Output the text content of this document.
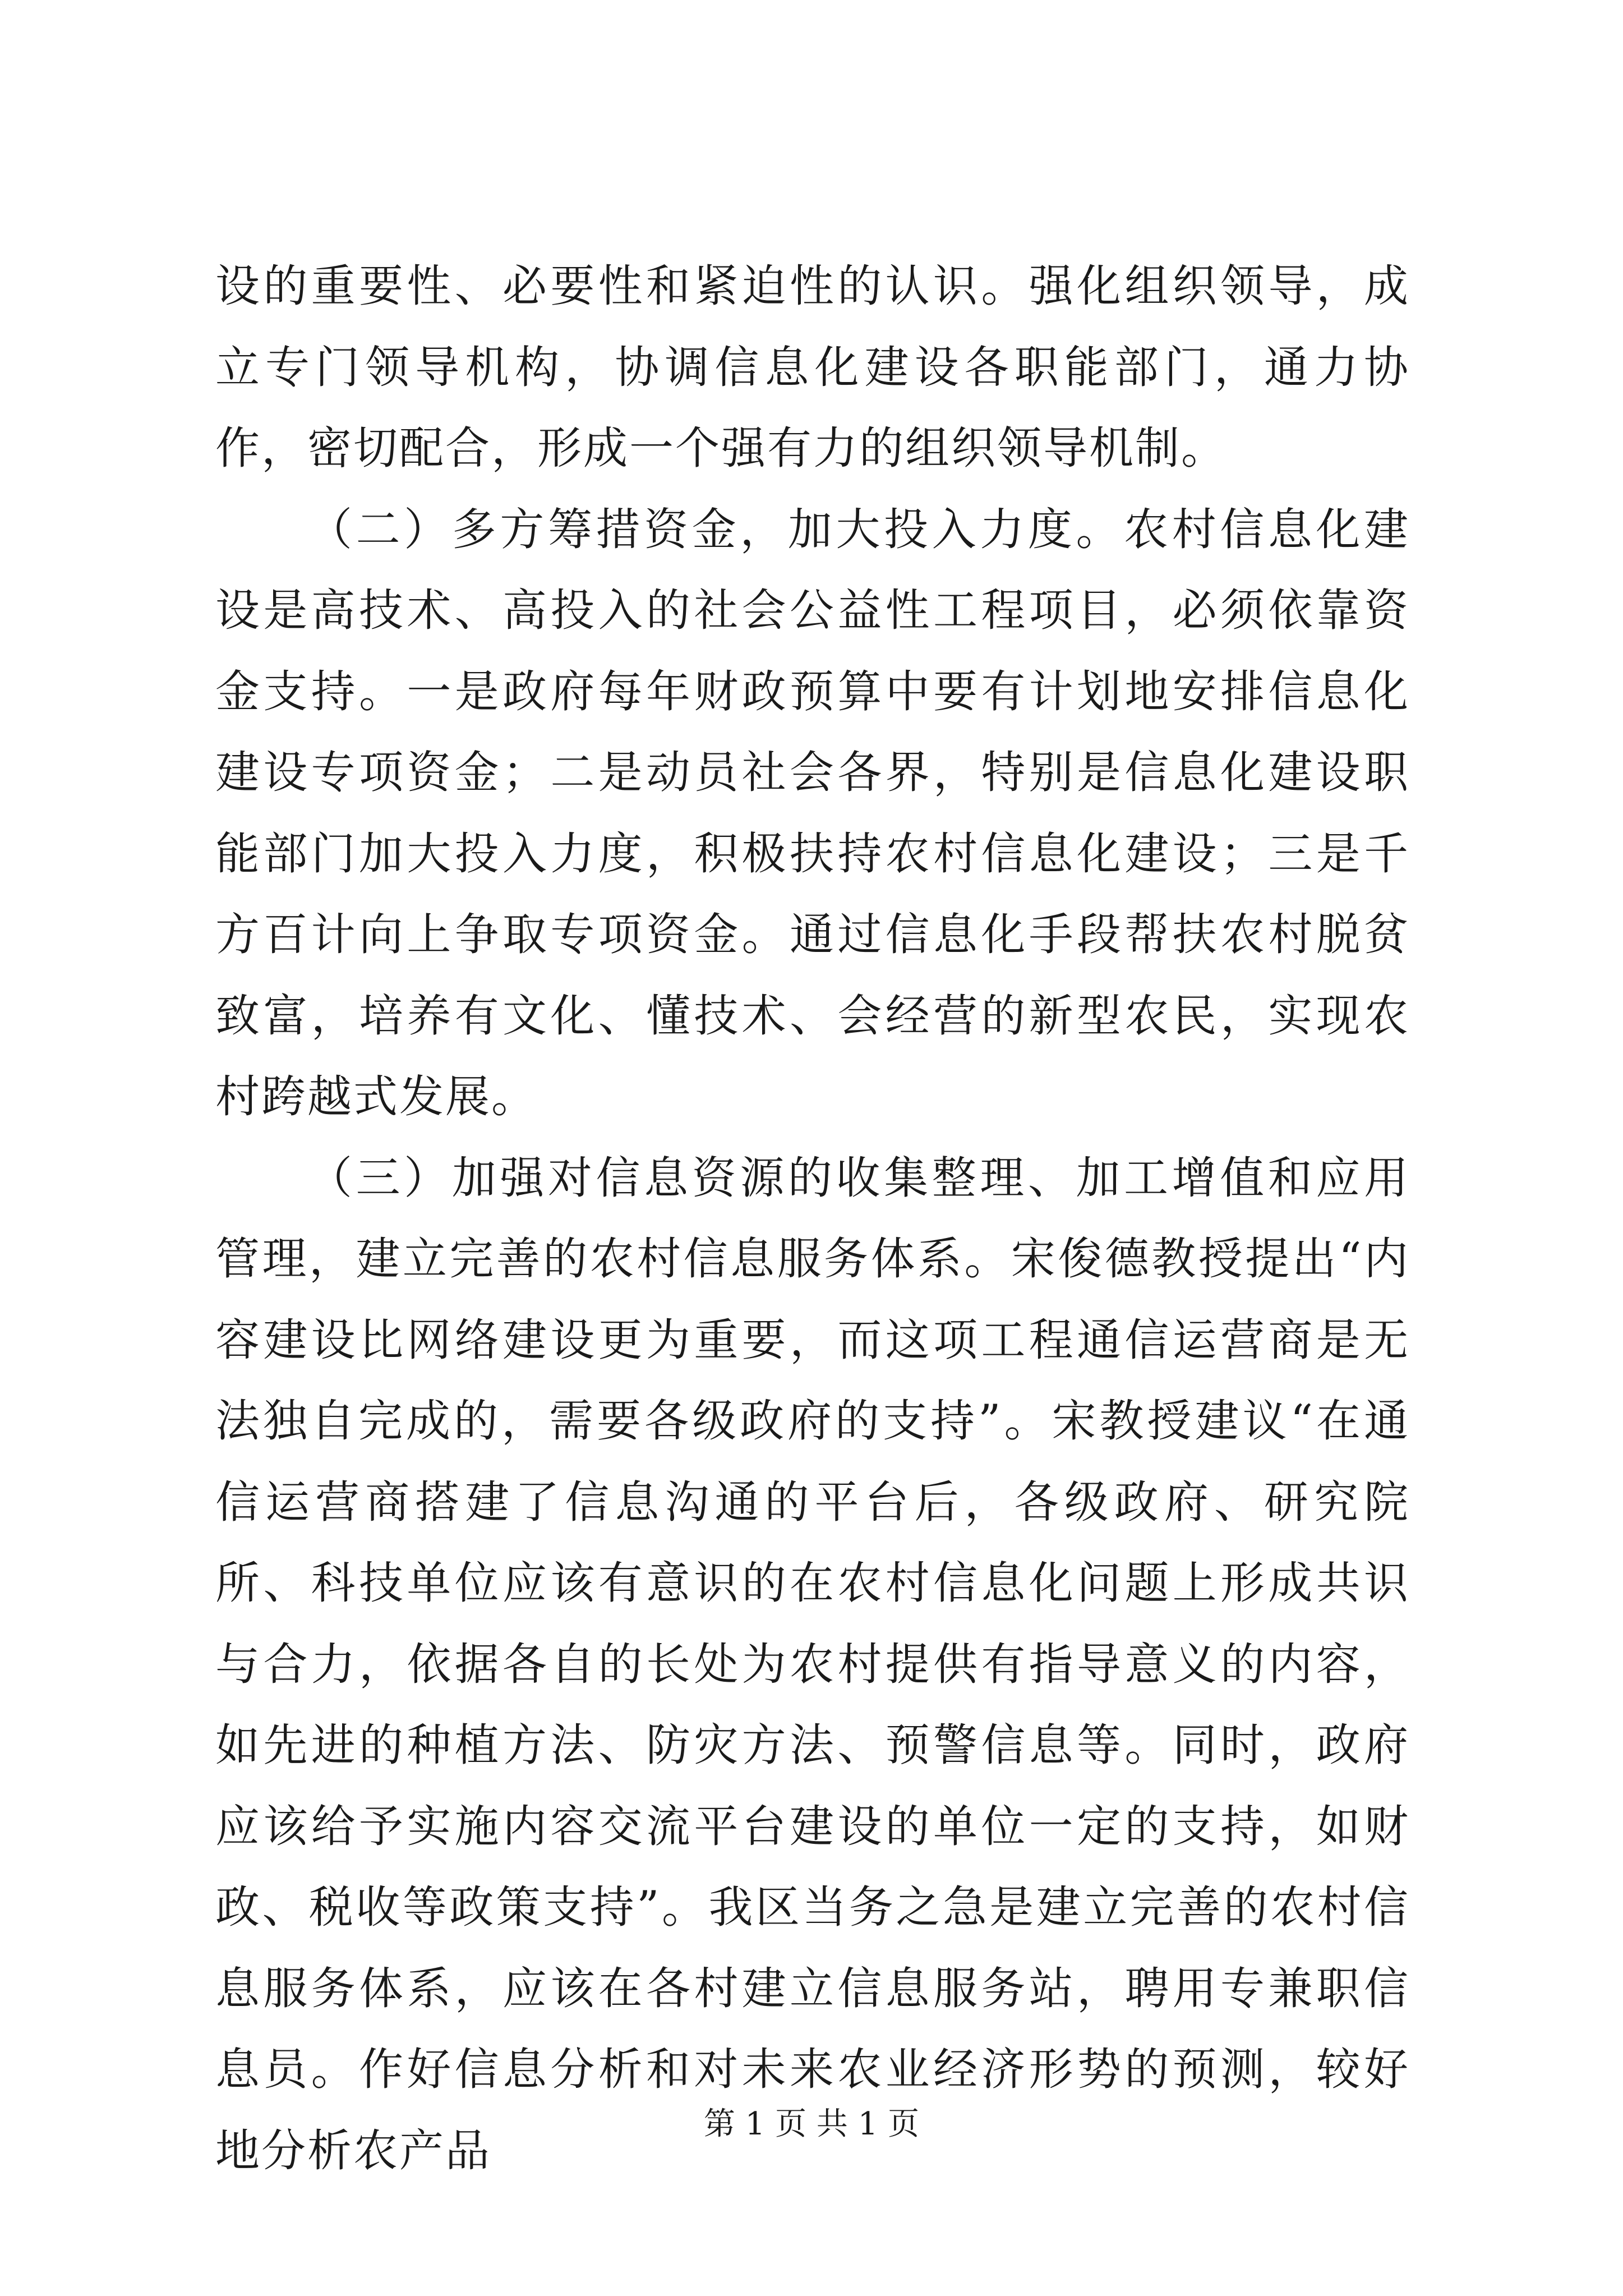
设的重要性、必要性和紧迫性的认识。强化组织领导，成立专门领导机构，协调信息化建设各职能部门，通力协作，密切配合，形成一个强有力的组织领导机制。

（二）多方筹措资金，加大投入力度。农村信息化建设是高技术、高投入的社会公益性工程项目，必须依靠资金支持。一是政府每年财政预算中要有计划地安排信息化建设专项资金；二是动员社会各界，特别是信息化建设职能部门加大投入力度，积极扶持农村信息化建设；三是千方百计向上争取专项资金。通过信息化手段帮扶农村脱贫致富，培养有文化、懂技术、会经营的新型农民，实现农村跨越式发展。

（三）加强对信息资源的收集整理、加工增值和应用管理，建立完善的农村信息服务体系。宋俊德教授提出“内容建设比网络建设更为重要，而这项工程通信运营商是无法独自完成的，需要各级政府的支持”。宋教授建议“在通信运营商搭建了信息沟通的平台后，各级政府、研究院所、科技单位应该有意识的在农村信息化问题上形成共识与合力，依据各自的长处为农村提供有指导意义的内容，如先进的种植方法、防灾方法、预警信息等。同时，政府应该给予实施内容交流平台建设的单位一定的支持，如财政、税收等政策支持”。我区当务之急是建立完善的农村信息服务体系，应该在各村建立信息服务站，聘用专兼职信息员。作好信息分析和对未来农业经济形势的预测，较好地分析农产品

第 1 页 共 1 页
